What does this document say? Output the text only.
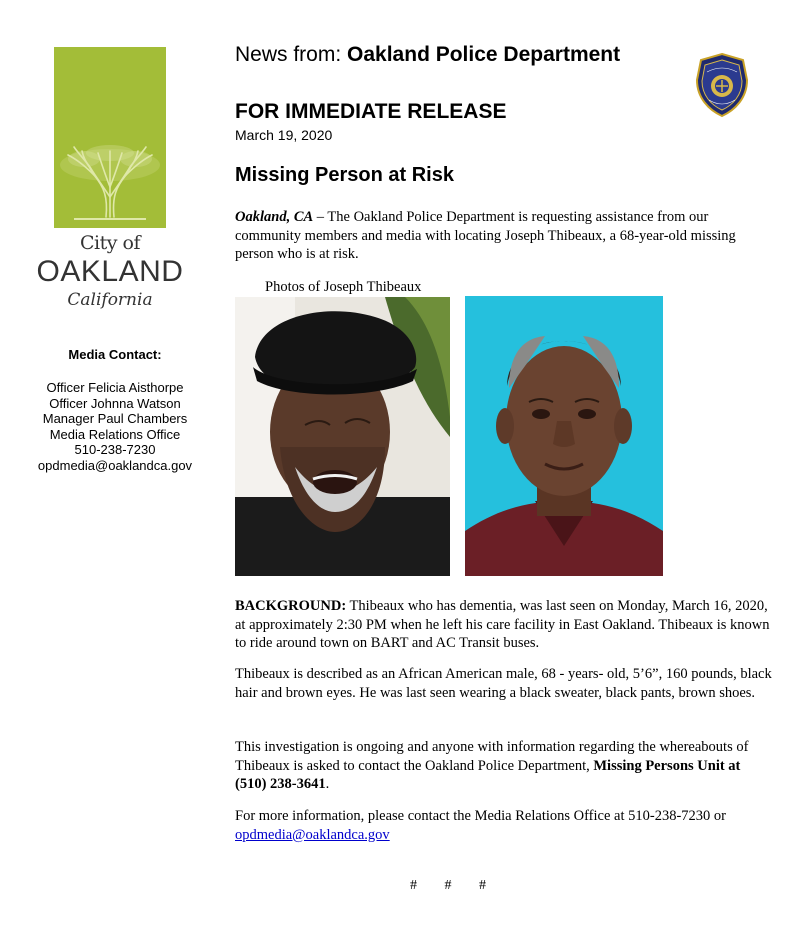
City of
OAKLAND
California
Media Contact:
Officer Felicia Aisthorpe
Officer Johnna Watson
Manager Paul Chambers
Media Relations Office
510-238-7230
opdmedia@oaklandca.gov
News from: Oakland Police Department
FOR IMMEDIATE RELEASE
March 19, 2020
Missing Person at Risk
Oakland, CA – The Oakland Police Department is requesting assistance from our community members and media with locating Joseph Thibeaux, a 68-year-old missing person who is at risk.
Photos of Joseph Thibeaux
BACKGROUND: Thibeaux who has dementia, was last seen on Monday, March 16, 2020, at approximately 2:30 PM when he left his care facility in East Oakland. Thibeaux is known to ride around town on BART and AC Transit buses.
Thibeaux is described as an African American male, 68 - years- old, 5’6”, 160 pounds, black hair and brown eyes. He was last seen wearing a black sweater, black pants, brown shoes.
This investigation is ongoing and anyone with information regarding the whereabouts of Thibeaux is asked to contact the Oakland Police Department, Missing Persons Unit at (510) 238-3641.
For more information, please contact the Media Relations Office at 510-238-7230 or opdmedia@oaklandca.gov
# # #
